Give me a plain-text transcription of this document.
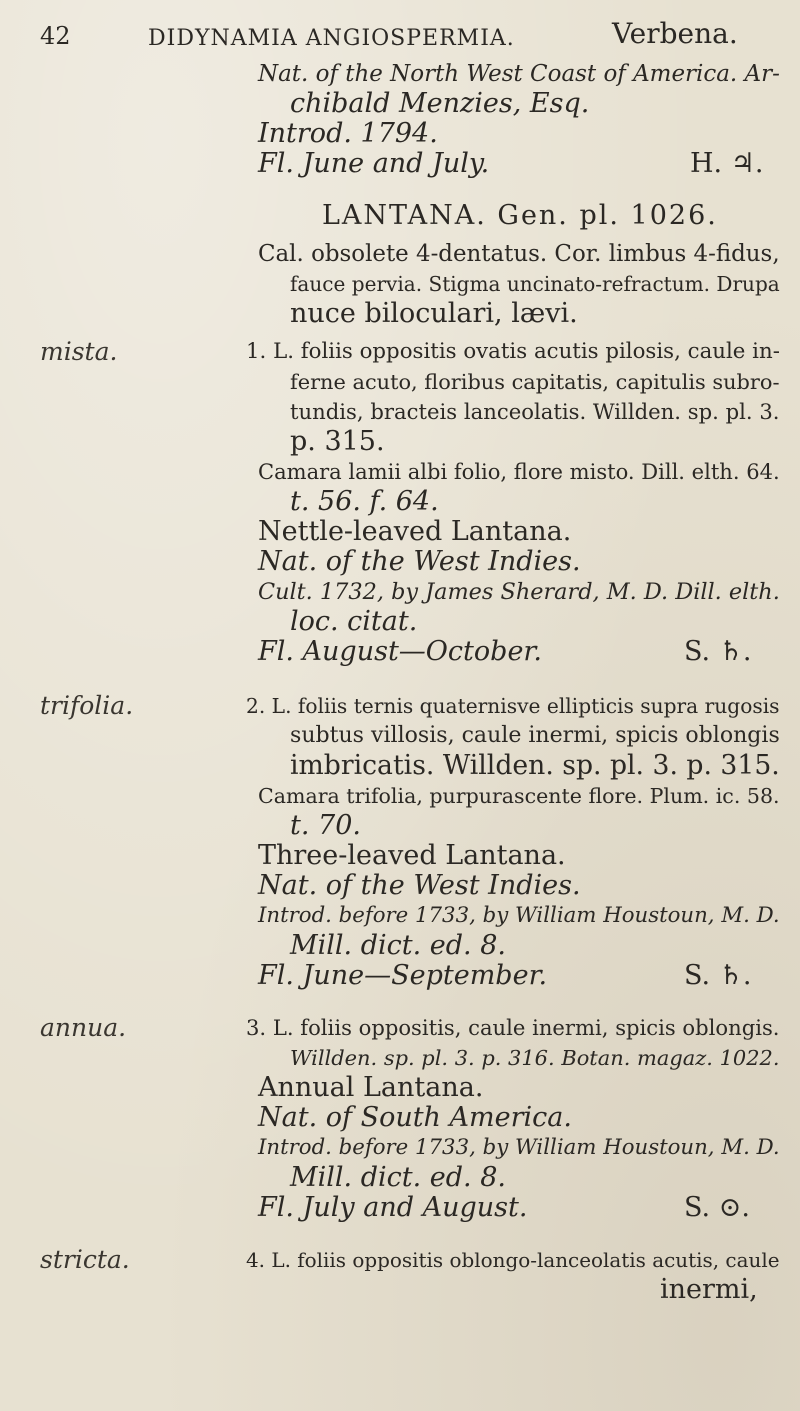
42	DIDYNAMIA ANGIOSPERMIA.	Verbena.
Nat. of the North West Coast of America. Ar-
chibald Menzies, Esq.
Introd. 1794.
Fl. June and July.	H. ♃.
LANTANA. Gen. pl. 1026.
Cal. obsolete 4-dentatus. Cor. limbus 4-fidus,
fauce pervia. Stigma uncinato-refractum. Drupa
nuce biloculari, lævi.
mista.	1. L. foliis oppositis ovatis acutis pilosis, caule in-
ferne acuto, floribus capitatis, capitulis subro-
tundis, bracteis lanceolatis. Willden. sp. pl. 3.
p. 315.
Camara lamii albi folio, flore misto. Dill. elth. 64.
t. 56. f. 64.
Nettle-leaved Lantana.
Nat. of the West Indies.
Cult. 1732, by James Sherard, M. D. Dill. elth.
loc. citat.
Fl. August—October.	S. ♄.
trifolia.	2. L. foliis ternis quaternisve ellipticis supra rugosis
subtus villosis, caule inermi, spicis oblongis
imbricatis. Willden. sp. pl. 3. p. 315.
Camara trifolia, purpurascente flore. Plum. ic. 58.
t. 70.
Three-leaved Lantana.
Nat. of the West Indies.
Introd. before 1733, by William Houstoun, M. D.
Mill. dict. ed. 8.
Fl. June—September.	S. ♄.
annua.	3. L. foliis oppositis, caule inermi, spicis oblongis.
Willden. sp. pl. 3. p. 316. Botan. magaz. 1022.
Annual Lantana.
Nat. of South America.
Introd. before 1733, by William Houstoun, M. D.
Mill. dict. ed. 8.
Fl. July and August.	S. ⊙.
stricta.	4. L. foliis oppositis oblongo-lanceolatis acutis, caule
inermi,
